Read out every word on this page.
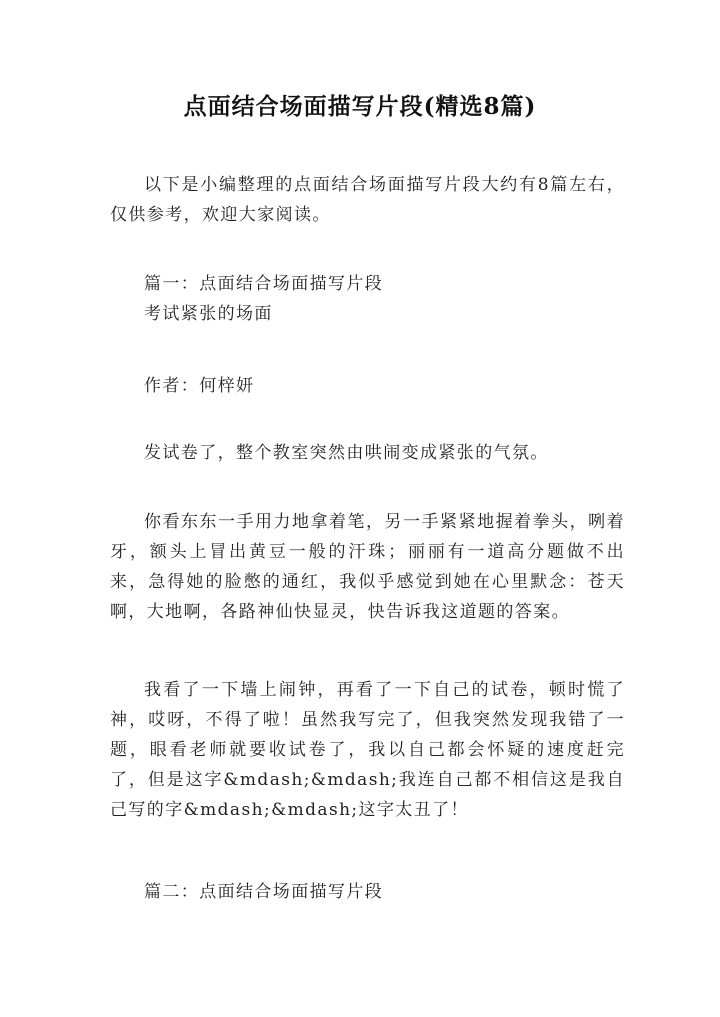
点面结合场面描写片段(精选8篇)

以下是小编整理的点面结合场面描写片段大约有8篇左右，仅供参考，欢迎大家阅读。

篇一：点面结合场面描写片段

考试紧张的场面

作者：何梓妍

发试卷了，整个教室突然由哄闹变成紧张的气氛。

你看东东一手用力地拿着笔，另一手紧紧地握着拳头，咧着牙，额头上冒出黄豆一般的汗珠；丽丽有一道高分题做不出来，急得她的脸憋的通红，我似乎感觉到她在心里默念：苍天啊，大地啊，各路神仙快显灵，快告诉我这道题的答案。

我看了一下墙上闹钟，再看了一下自己的试卷，顿时慌了神，哎呀，不得了啦！虽然我写完了，但我突然发现我错了一题，眼看老师就要收试卷了，我以自己都会怀疑的速度赶完了，但是这字&mdash;&mdash;我连自己都不相信这是我自己写的字&mdash;&mdash;这字太丑了！

篇二：点面结合场面描写片段
